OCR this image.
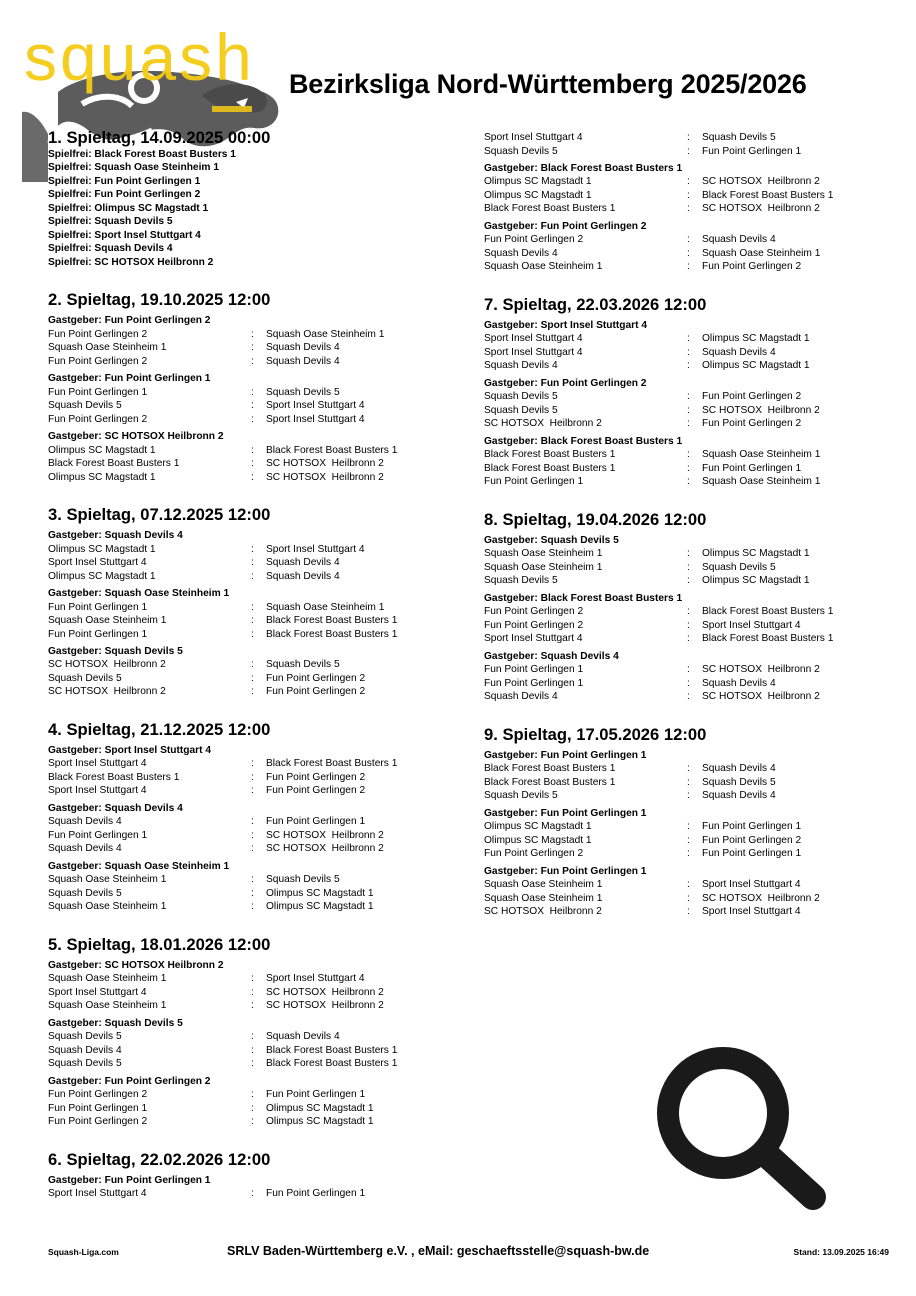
squash Bezirksliga Nord-Württemberg 2025/2026
1. Spieltag, 14.09.2025 00:00
Spielfrei: Black Forest Boast Busters 1
Spielfrei: Squash Oase Steinheim 1
Spielfrei: Fun Point Gerlingen 1
Spielfrei: Fun Point Gerlingen 2
Spielfrei: Olimpus SC Magstadt 1
Spielfrei: Squash Devils 5
Spielfrei: Sport Insel Stuttgart 4
Spielfrei: Squash Devils 4
Spielfrei: SC HOTSOX Heilbronn 2
2. Spieltag, 19.10.2025 12:00
Gastgeber: Fun Point Gerlingen 2
Fun Point Gerlingen 2	:	Squash Oase Steinheim 1
Squash Oase Steinheim 1	:	Squash Devils 4
Fun Point Gerlingen 2	:	Squash Devils 4
Gastgeber: Fun Point Gerlingen 1
Fun Point Gerlingen 1	:	Squash Devils 5
Squash Devils 5	:	Sport Insel Stuttgart 4
Fun Point Gerlingen 2	:	Sport Insel Stuttgart 4
Gastgeber: SC HOTSOX Heilbronn 2
Olimpus SC Magstadt 1	:	Black Forest Boast Busters 1
Black Forest Boast Busters 1	:	SC HOTSOX  Heilbronn 2
Olimpus SC Magstadt 1	:	SC HOTSOX  Heilbronn 2
3. Spieltag, 07.12.2025 12:00
Gastgeber: Squash Devils 4
Olimpus SC Magstadt 1	:	Sport Insel Stuttgart 4
Sport Insel Stuttgart 4	:	Squash Devils 4
Olimpus SC Magstadt 1	:	Squash Devils 4
Gastgeber: Squash Oase Steinheim 1
Fun Point Gerlingen 1	:	Squash Oase Steinheim 1
Squash Oase Steinheim 1	:	Black Forest Boast Busters 1
Fun Point Gerlingen 1	:	Black Forest Boast Busters 1
Gastgeber: Squash Devils 5
SC HOTSOX  Heilbronn 2	:	Squash Devils 5
Squash Devils 5	:	Fun Point Gerlingen 2
SC HOTSOX  Heilbronn 2	:	Fun Point Gerlingen 2
4. Spieltag, 21.12.2025 12:00
Gastgeber: Sport Insel Stuttgart 4
Sport Insel Stuttgart 4	:	Black Forest Boast Busters 1
Black Forest Boast Busters 1	:	Fun Point Gerlingen 2
Sport Insel Stuttgart 4	:	Fun Point Gerlingen 2
Gastgeber: Squash Devils 4
Squash Devils 4	:	Fun Point Gerlingen 1
Fun Point Gerlingen 1	:	SC HOTSOX  Heilbronn 2
Squash Devils 4	:	SC HOTSOX  Heilbronn 2
Gastgeber: Squash Oase Steinheim 1
Squash Oase Steinheim 1	:	Squash Devils 5
Squash Devils 5	:	Olimpus SC Magstadt 1
Squash Oase Steinheim 1	:	Olimpus SC Magstadt 1
5. Spieltag, 18.01.2026 12:00
Gastgeber: SC HOTSOX Heilbronn 2
Squash Oase Steinheim 1	:	Sport Insel Stuttgart 4
Sport Insel Stuttgart 4	:	SC HOTSOX  Heilbronn 2
Squash Oase Steinheim 1	:	SC HOTSOX  Heilbronn 2
Gastgeber: Squash Devils 5
Squash Devils 5	:	Squash Devils 4
Squash Devils 4	:	Black Forest Boast Busters 1
Squash Devils 5	:	Black Forest Boast Busters 1
Gastgeber: Fun Point Gerlingen 2
Fun Point Gerlingen 2	:	Fun Point Gerlingen 1
Fun Point Gerlingen 1	:	Olimpus SC Magstadt 1
Fun Point Gerlingen 2	:	Olimpus SC Magstadt 1
6. Spieltag, 22.02.2026 12:00
Gastgeber: Fun Point Gerlingen 1
Sport Insel Stuttgart 4	:	Fun Point Gerlingen 1
Sport Insel Stuttgart 4	:	Squash Devils 5
Squash Devils 5	:	Fun Point Gerlingen 1
Gastgeber: Black Forest Boast Busters 1
Olimpus SC Magstadt 1	:	SC HOTSOX  Heilbronn 2
Olimpus SC Magstadt 1	:	Black Forest Boast Busters 1
Black Forest Boast Busters 1	:	SC HOTSOX  Heilbronn 2
Gastgeber: Fun Point Gerlingen 2
Fun Point Gerlingen 2	:	Squash Devils 4
Squash Devils 4	:	Squash Oase Steinheim 1
Squash Oase Steinheim 1	:	Fun Point Gerlingen 2
7. Spieltag, 22.03.2026 12:00
Gastgeber: Sport Insel Stuttgart 4
Sport Insel Stuttgart 4	:	Olimpus SC Magstadt 1
Sport Insel Stuttgart 4	:	Squash Devils 4
Squash Devils 4	:	Olimpus SC Magstadt 1
Gastgeber: Fun Point Gerlingen 2
Squash Devils 5	:	Fun Point Gerlingen 2
Squash Devils 5	:	SC HOTSOX  Heilbronn 2
SC HOTSOX  Heilbronn 2	:	Fun Point Gerlingen 2
Gastgeber: Black Forest Boast Busters 1
Black Forest Boast Busters 1	:	Squash Oase Steinheim 1
Black Forest Boast Busters 1	:	Fun Point Gerlingen 1
Fun Point Gerlingen 1	:	Squash Oase Steinheim 1
8. Spieltag, 19.04.2026 12:00
Gastgeber: Squash Devils 5
Squash Oase Steinheim 1	:	Olimpus SC Magstadt 1
Squash Oase Steinheim 1	:	Squash Devils 5
Squash Devils 5	:	Olimpus SC Magstadt 1
Gastgeber: Black Forest Boast Busters 1
Fun Point Gerlingen 2	:	Black Forest Boast Busters 1
Fun Point Gerlingen 2	:	Sport Insel Stuttgart 4
Sport Insel Stuttgart 4	:	Black Forest Boast Busters 1
Gastgeber: Squash Devils 4
Fun Point Gerlingen 1	:	SC HOTSOX  Heilbronn 2
Fun Point Gerlingen 1	:	Squash Devils 4
Squash Devils 4	:	SC HOTSOX  Heilbronn 2
9. Spieltag, 17.05.2026 12:00
Gastgeber: Fun Point Gerlingen 1
Black Forest Boast Busters 1	:	Squash Devils 4
Black Forest Boast Busters 1	:	Squash Devils 5
Squash Devils 5	:	Squash Devils 4
Gastgeber: Fun Point Gerlingen 1
Olimpus SC Magstadt 1	:	Fun Point Gerlingen 1
Olimpus SC Magstadt 1	:	Fun Point Gerlingen 2
Fun Point Gerlingen 2	:	Fun Point Gerlingen 1
Gastgeber: Fun Point Gerlingen 1
Squash Oase Steinheim 1	:	Sport Insel Stuttgart 4
Squash Oase Steinheim 1	:	SC HOTSOX  Heilbronn 2
SC HOTSOX  Heilbronn 2	:	Sport Insel Stuttgart 4
Squash-Liga.com	SRLV Baden-Württemberg e.V. , eMail: geschaeftsstelle@squash-bw.de	Stand: 13.09.2025 16:49
